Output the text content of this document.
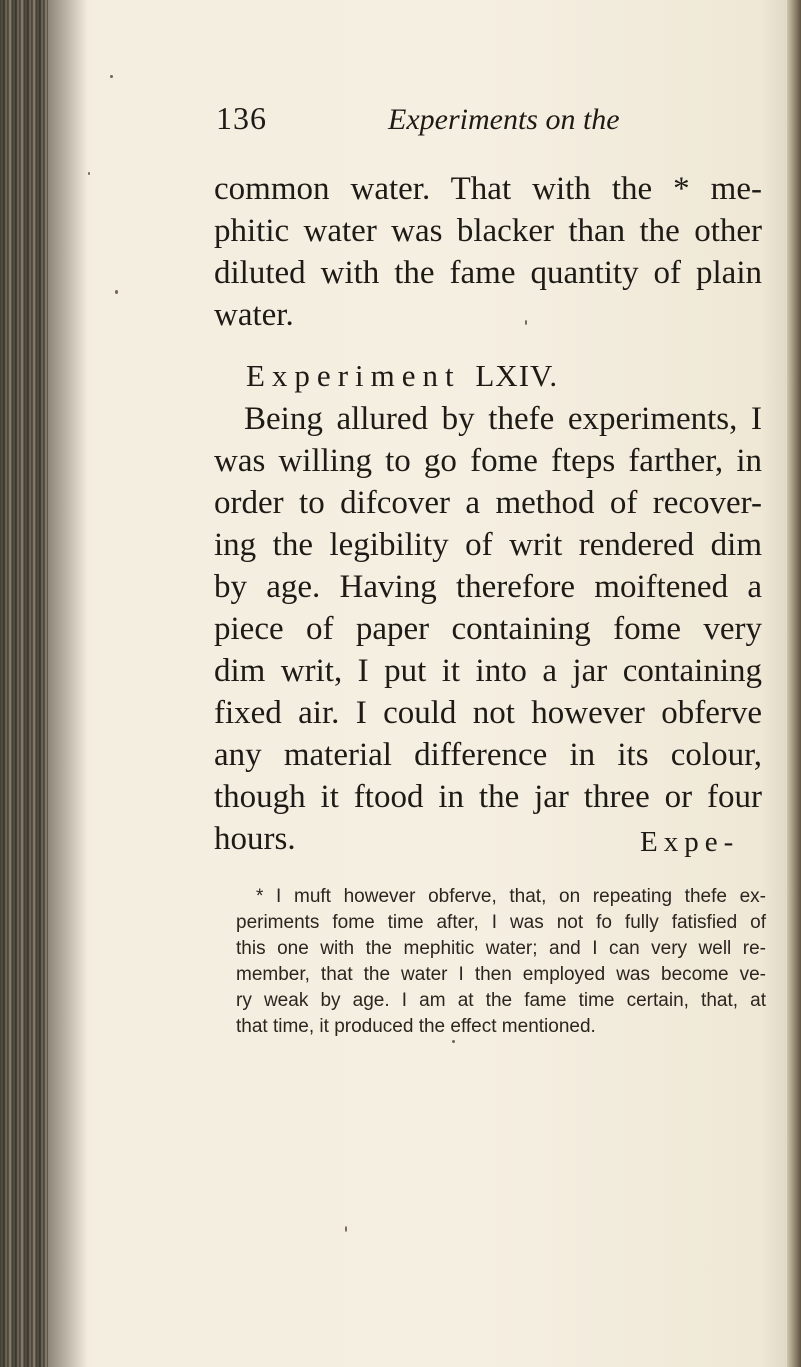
136	Experiments on the
common water. That with the * me-
phitic water was blacker than the other
diluted with the fame quantity of plain
water.
Experiment LXIV.
Being allured by thefe experiments, I
was willing to go fome fteps farther, in
order to difcover a method of recover-
ing the legibility of writ rendered dim
by age. Having therefore moiftened a
piece of paper containing fome very
dim writ, I put it into a jar containing
fixed air. I could not however obferve
any material difference in its colour,
though it ftood in the jar three or four
hours.	Expe-
* I muft however obferve, that, on repeating thefe ex-
periments fome time after, I was not fo fully fatisfied of
this one with the mephitic water; and I can very well re-
member, that the water I then employed was become ve-
ry weak by age. I am at the fame time certain, that, at
that time, it produced the effect mentioned.
